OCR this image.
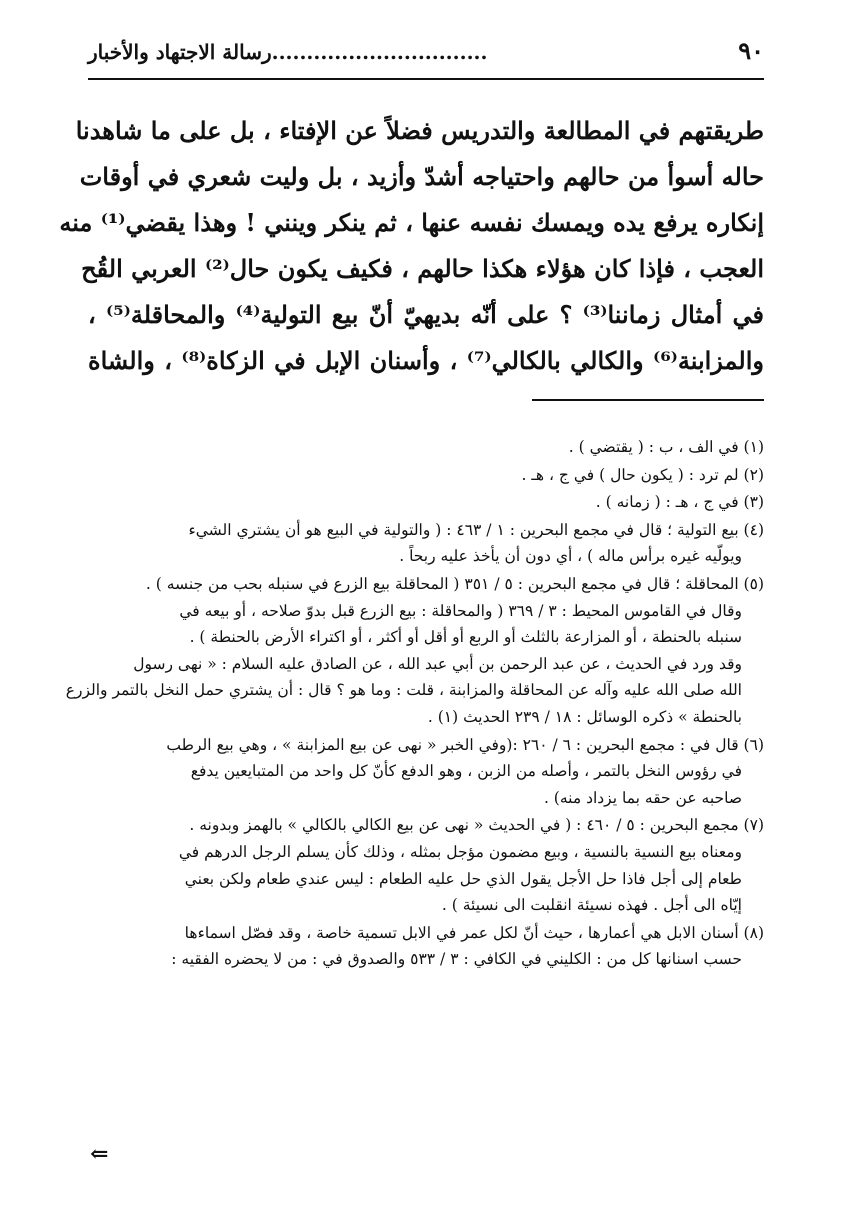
٩٠
...............................رسالة الاجتهاد والأخبار

طريقتهم في المطالعة والتدريس فضلاً عن الإفتاء ، بل على ما شاهدنا

حاله أسوأ من حالهم واحتياجه أشدّ وأزيد ، بل وليت شعري في أوقات

إنكاره يرفع يده ويمسك نفسه عنها ، ثم ينكر وينني ! وهذا يقضي⁽¹⁾ منه

العجب ، فإذا كان هؤلاء هكذا حالهم ، فكيف يكون حال⁽²⁾ العربي القُح

في أمثال زماننا⁽³⁾ ؟ على أنّه بديهيّ أنّ بيع التولية⁽⁴⁾ والمحاقلة⁽⁵⁾ ،

والمزابنة⁽⁶⁾ والكالي بالكالي⁽⁷⁾ ، وأسنان الإبل في الزكاة⁽⁸⁾ ، والشاة

(١) في الف ، ب : ( يقتضي ) .
(٢) لم ترد : ( يكون حال ) في ج ، هـ .
(٣) في ج ، هـ : ( زمانه ) .
(٤) بيع التولية ؛ قال في مجمع البحرين : ١ / ٤٦٣ : ( والتولية في البيع هو أن يشتري الشيء
ويولّيه غيره برأس ماله ) ، أي دون أن يأخذ عليه ربحاً .
(٥) المحاقلة ؛ قال في مجمع البحرين : ٥ / ٣٥١ ( المحاقلة بيع الزرع في سنبله بحب من جنسه ) .
وقال في القاموس المحيط : ٣ / ٣٦٩ ( والمحاقلة : بيع الزرع قبل بدوّ صلاحه ، أو بيعه في
سنبله بالحنطة ، أو المزارعة بالثلث أو الربع أو أقل أو أكثر ، أو اكتراء الأرض بالحنطة ) .
وقد ورد في الحديث ، عن عبد الرحمن بن أبي عبد الله ، عن الصادق عليه السلام : « نهى رسول
الله صلى الله عليه وآله عن المحاقلة والمزابنة ، قلت : وما هو ؟ قال : أن يشتري حمل النخل بالتمر والزرع
بالحنطة » ذكره الوسائل : ١٨ / ٢٣٩ الحديث (١) .
(٦) قال في : مجمع البحرين : ٦ / ٢٦٠ :(وفي الخبر « نهى عن بيع المزابنة » ، وهي بيع الرطب
في رؤوس النخل بالتمر ، وأصله من الزبن ، وهو الدفع كأنّ كل واحد من المتبايعين يدفع
صاحبه عن حقه بما يزداد منه) .
(٧) مجمع البحرين : ٥ / ٤٦٠ : ( في الحديث « نهى عن بيع الكالي بالكالي » بالهمز وبدونه .
ومعناه بيع النسية بالنسية ، وبيع مضمون مؤجل بمثله ، وذلك كأن يسلم الرجل الدرهم في
طعام إلى أجل فاذا حل الأجل يقول الذي حل عليه الطعام : ليس عندي طعام ولكن بعني
إيّاه الى أجل . فهذه نسيئة انقلبت الى نسيئة ) .
(٨) أسنان الابل هي أعمارها ، حيث أنّ لكل عمر في الابل تسمية خاصة ، وقد فصّل اسماءها
حسب اسنانها كل من : الكليني في الكافي : ٣ / ٥٣٣ والصدوق في : من لا يحضره الفقيه :
⇐
